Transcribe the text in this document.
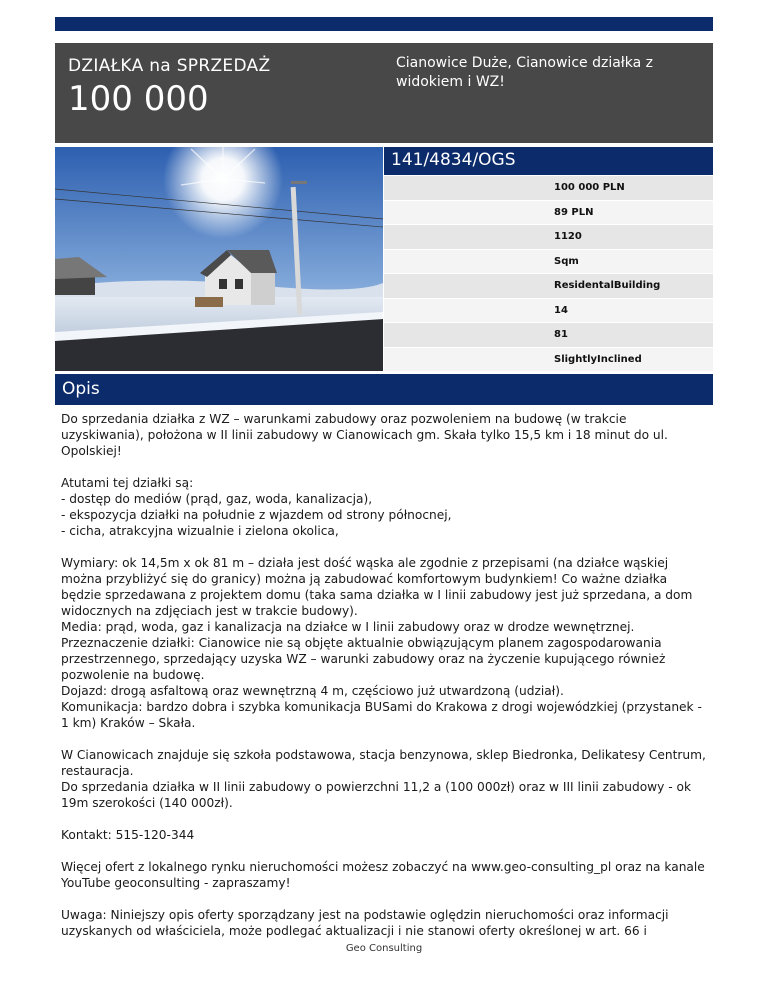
DZIAŁKA na SPRZEDAŻ
100 000
Cianowice Duże, Cianowice działka z widokiem i WZ!
141/4834/OGS
100 000 PLN
89 PLN
1120
Sqm
ResidentalBuilding
14
81
SlightlyInclined
Opis

Do sprzedania działka z WZ – warunkami zabudowy oraz pozwoleniem na budowę (w trakcie uzyskiwania), położona w II linii zabudowy w Cianowicach gm. Skała tylko 15,5 km i 18 minut do ul. Opolskiej!

Atutami tej działki są:
- dostęp do mediów (prąd, gaz, woda, kanalizacja),
- ekspozycja działki na południe z wjazdem od strony północnej,
- cicha, atrakcyjna wizualnie i zielona okolica,

Wymiary: ok 14,5m x ok 81 m – działa jest dość wąska ale zgodnie z przepisami (na działce wąskiej można przybliżyć się do granicy) można ją zabudować komfortowym budynkiem! Co ważne działka będzie sprzedawana z projektem domu (taka sama działka w I linii zabudowy jest już sprzedana, a dom widocznych na zdjęciach jest w trakcie budowy).
Media: prąd, woda, gaz i kanalizacja na działce w I linii zabudowy oraz w drodze wewnętrznej.
Przeznaczenie działki: Cianowice nie są objęte aktualnie obwiązującym planem zagospodarowania przestrzennego, sprzedający uzyska WZ – warunki zabudowy oraz na życzenie kupującego również pozwolenie na budowę.
Dojazd: drogą asfaltową oraz wewnętrzną 4 m, częściowo już utwardzoną (udział).
Komunikacja: bardzo dobra i szybka komunikacja BUSami do Krakowa z drogi wojewódzkiej (przystanek - 1 km) Kraków – Skała.

W Cianowicach znajduje się szkoła podstawowa, stacja benzynowa, sklep Biedronka, Delikatesy Centrum, restauracja.
Do sprzedania działka w II linii zabudowy o powierzchni 11,2 a (100 000zł) oraz w III linii zabudowy - ok 19m szerokości (140 000zł).

Kontakt: 515-120-344

Więcej ofert z lokalnego rynku nieruchomości możesz zobaczyć na www.geo-consulting_pl oraz na kanale YouTube geoconsulting - zapraszamy!

Uwaga: Niniejszy opis oferty sporządzany jest na podstawie oględzin nieruchomości oraz informacji uzyskanych od właściciela, może podlegać aktualizacji i nie stanowi oferty określonej w art. 66 i

Geo Consulting
